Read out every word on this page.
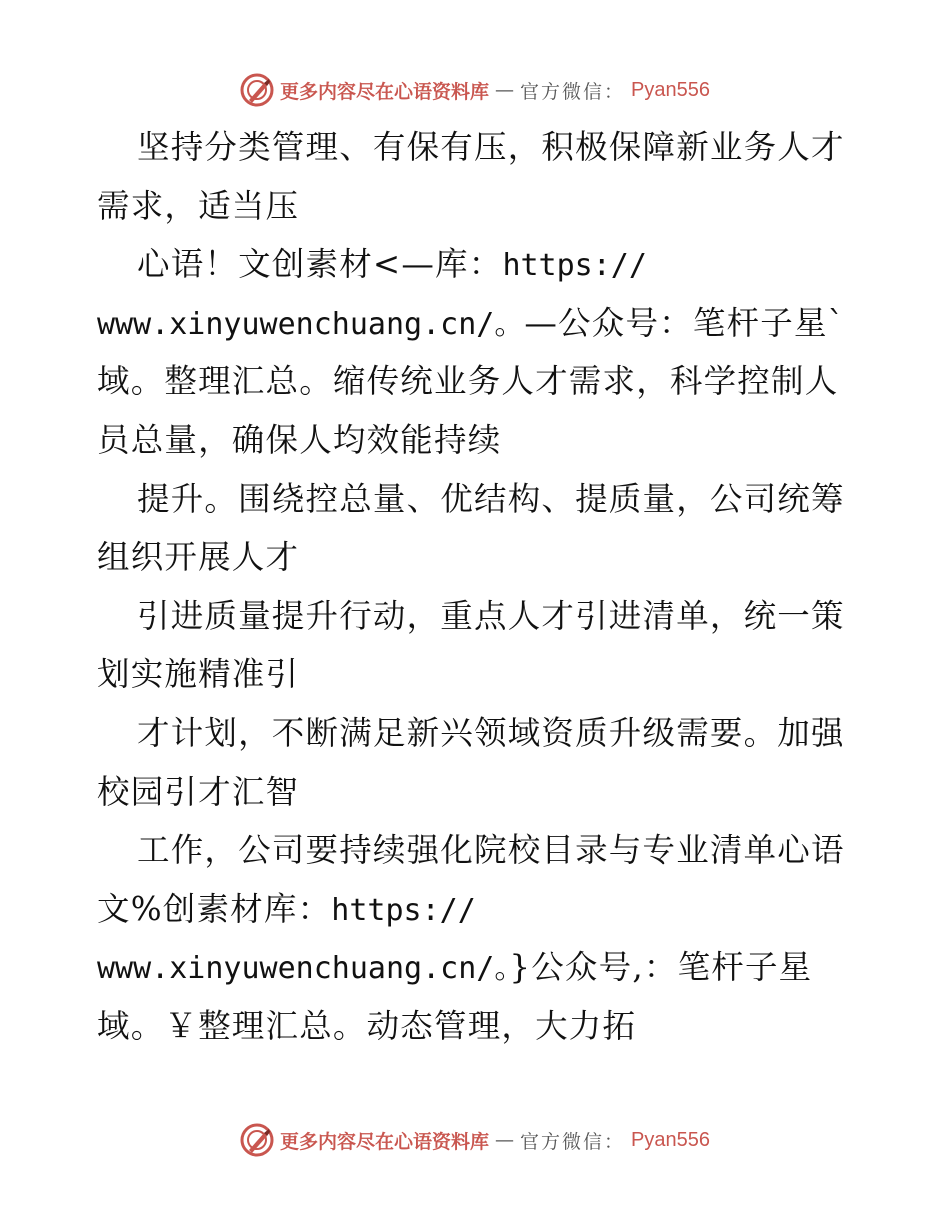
更多内容尽在心语资料库 — 官方微信： Pyan556
坚持分类管理、有保有压，积极保障新业务人才
需求，适当压
心语！文创素材<—库：https://
www.xinyuwenchuang.cn/。—公众号：笔杆子星`
域。整理汇总。缩传统业务人才需求，科学控制人
员总量，确保人均效能持续
提升。围绕控总量、优结构、提质量，公司统筹
组织开展人才
引进质量提升行动，重点人才引进清单，统一策
划实施精准引
才计划，不断满足新兴领域资质升级需要。加强
校园引才汇智
工作，公司要持续强化院校目录与专业清单心语
文%创素材库：https://
www.xinyuwenchuang.cn/。}公众号,：笔杆子星
域。￥整理汇总。动态管理，大力拓
更多内容尽在心语资料库 — 官方微信： Pyan556
